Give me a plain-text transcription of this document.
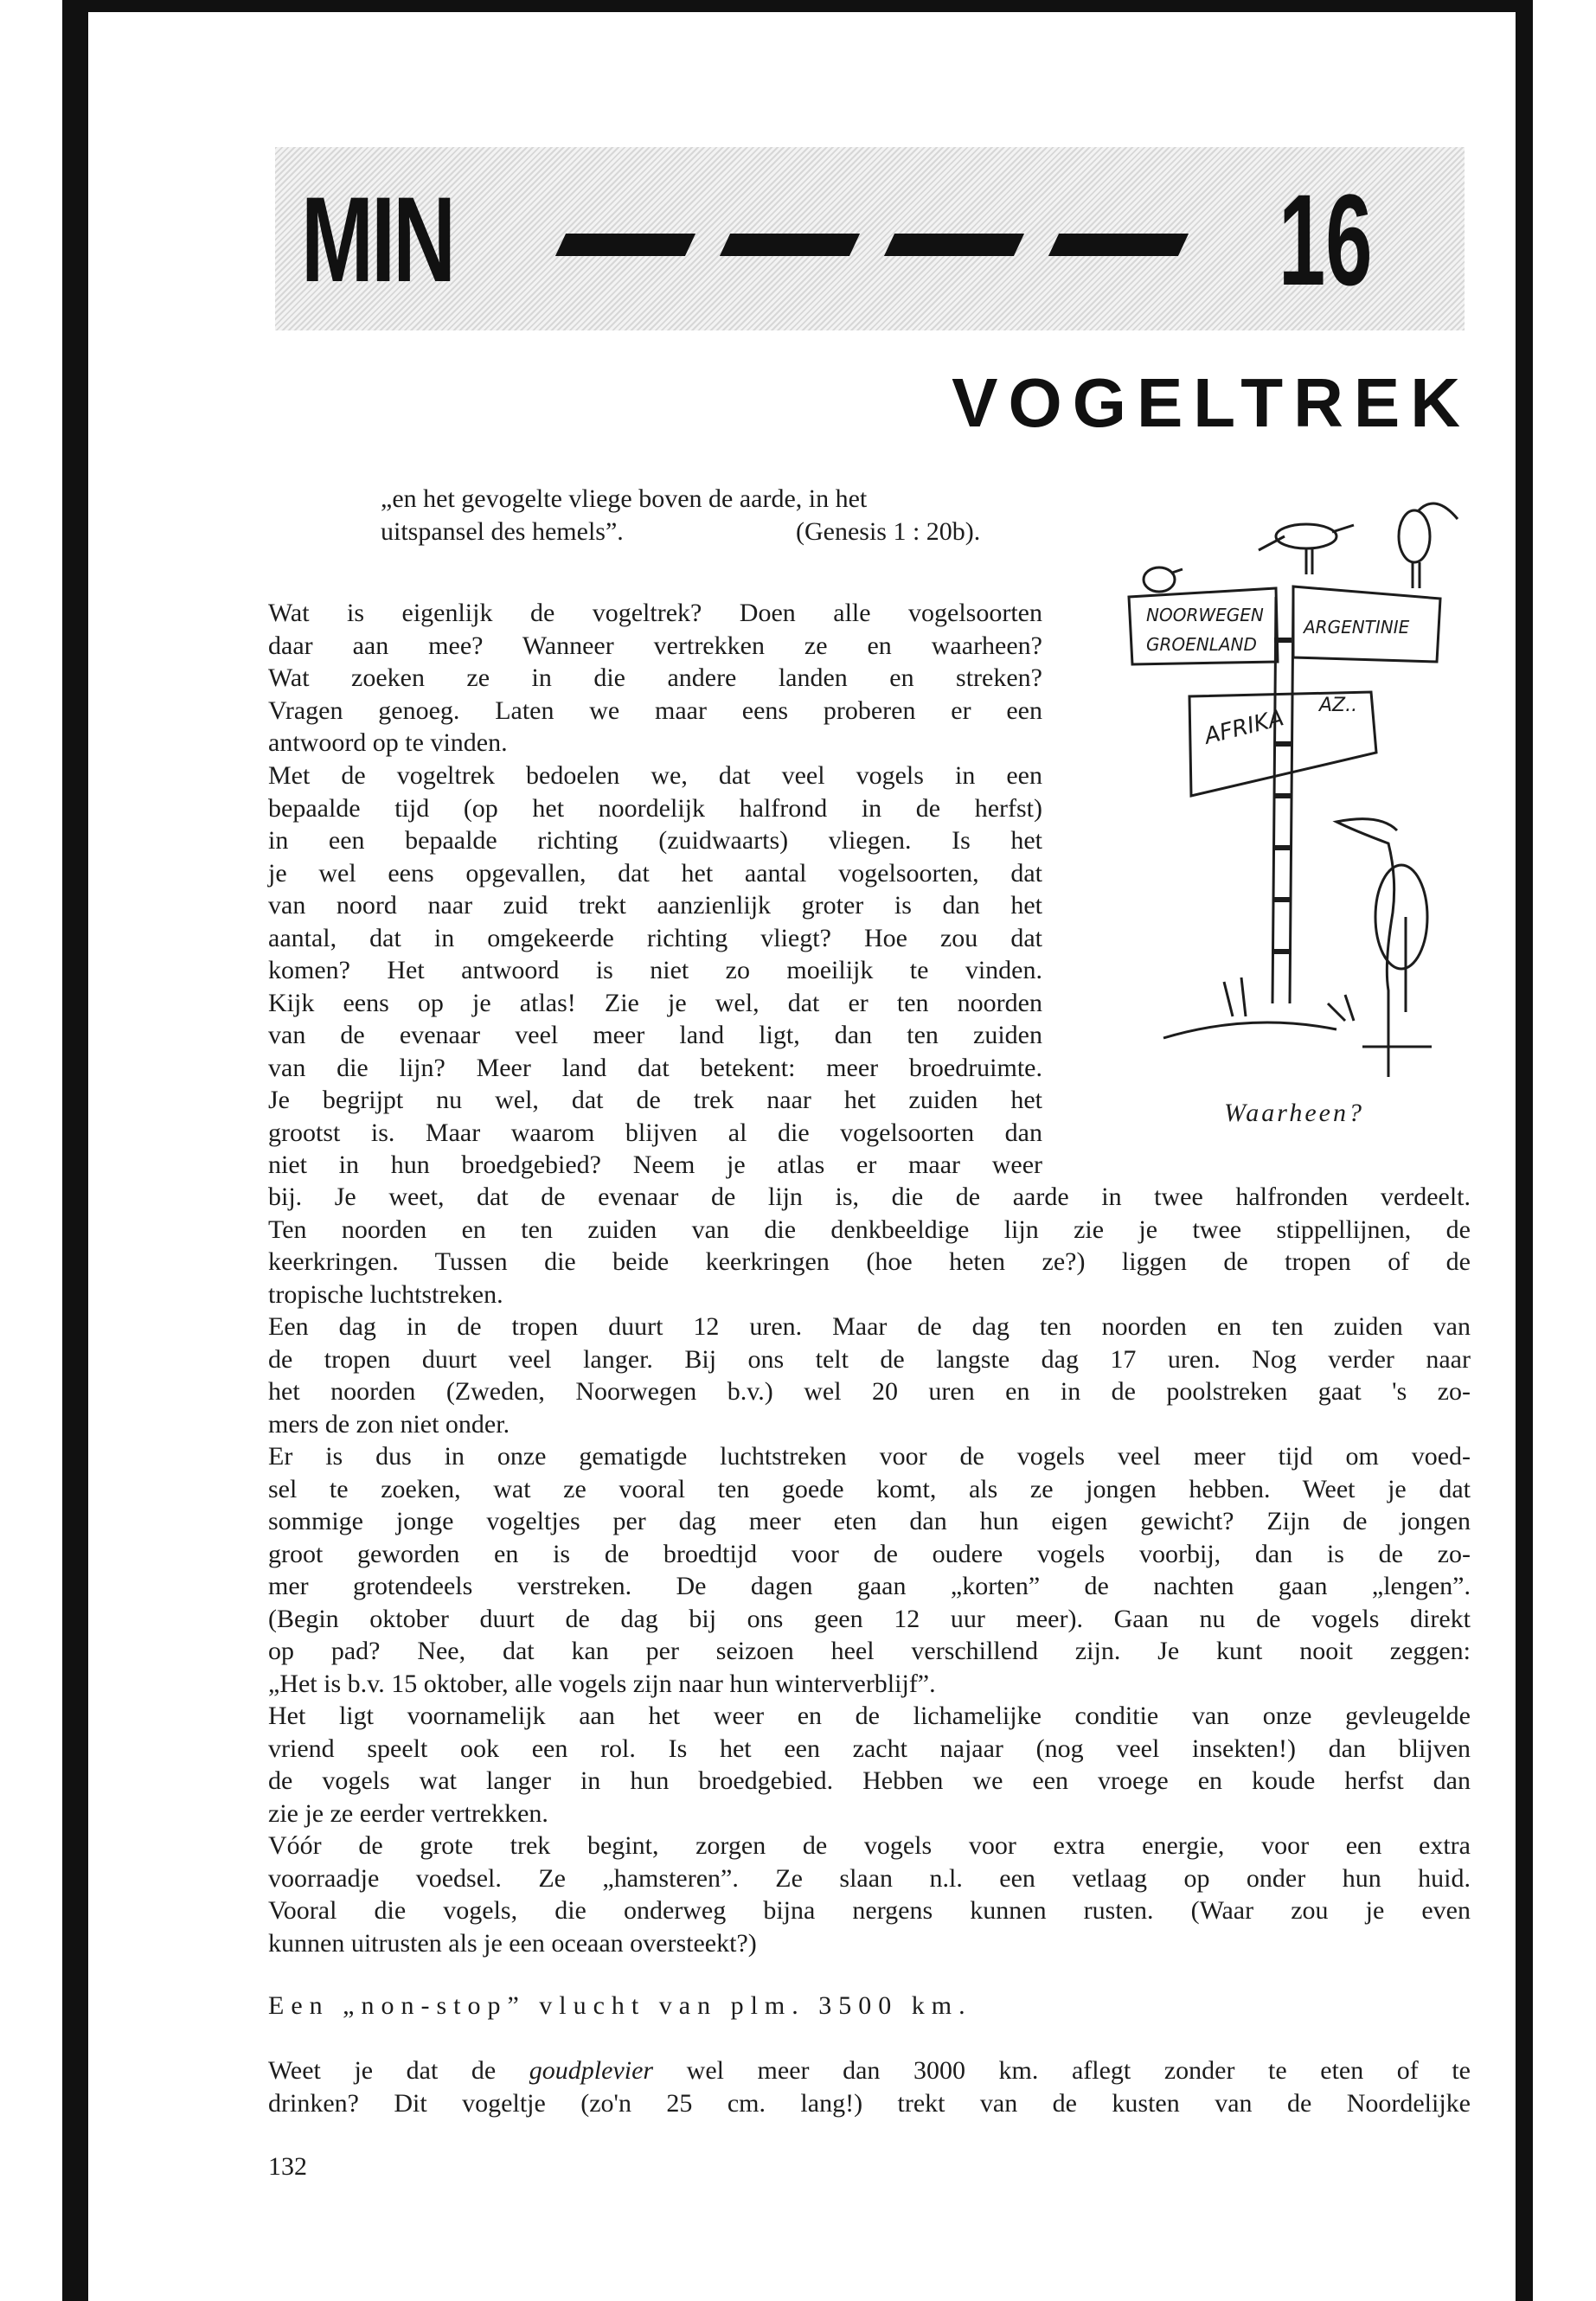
MIN	16
VOGELTREK
„en het gevogelte vliege boven de aarde, in het
uitspansel des hemels”.	(Genesis 1 : 20b).
NOORWEGEN
GROENLAND
ARGENTINIE
AFRIKA AZ..
Waarheen?
Wat is eigenlijk de vogeltrek? Doen alle vogelsoorten
daar aan mee? Wanneer vertrekken ze en waarheen?
Wat zoeken ze in die andere landen en streken?
Vragen genoeg. Laten we maar eens proberen er een
antwoord op te vinden.
Met de vogeltrek bedoelen we, dat veel vogels in een
bepaalde tijd (op het noordelijk halfrond in de herfst)
in een bepaalde richting (zuidwaarts) vliegen. Is het
je wel eens opgevallen, dat het aantal vogelsoorten, dat
van noord naar zuid trekt aanzienlijk groter is dan het
aantal, dat in omgekeerde richting vliegt? Hoe zou dat
komen? Het antwoord is niet zo moeilijk te vinden.
Kijk eens op je atlas! Zie je wel, dat er ten noorden
van de evenaar veel meer land ligt, dan ten zuiden
van die lijn? Meer land dat betekent: meer broedruimte.
Je begrijpt nu wel, dat de trek naar het zuiden het
grootst is. Maar waarom blijven al die vogelsoorten dan
niet in hun broedgebied? Neem je atlas er maar weer
bij. Je weet, dat de evenaar de lijn is, die de aarde in twee halfronden verdeelt.
Ten noorden en ten zuiden van die denkbeeldige lijn zie je twee stippellijnen, de
keerkringen. Tussen die beide keerkringen (hoe heten ze?) liggen de tropen of de
tropische luchtstreken.
Een dag in de tropen duurt 12 uren. Maar de dag ten noorden en ten zuiden van
de tropen duurt veel langer. Bij ons telt de langste dag 17 uren. Nog verder naar
het noorden (Zweden, Noorwegen b.v.) wel 20 uren en in de poolstreken gaat 's zo-
mers de zon niet onder.
Er is dus in onze gematigde luchtstreken voor de vogels veel meer tijd om voed-
sel te zoeken, wat ze vooral ten goede komt, als ze jongen hebben. Weet je dat
sommige jonge vogeltjes per dag meer eten dan hun eigen gewicht? Zijn de jongen
groot geworden en is de broedtijd voor de oudere vogels voorbij, dan is de zo-
mer grotendeels verstreken. De dagen gaan „korten” de nachten gaan „lengen”.
(Begin oktober duurt de dag bij ons geen 12 uur meer). Gaan nu de vogels direkt
op pad? Nee, dat kan per seizoen heel verschillend zijn. Je kunt nooit zeggen:
„Het is b.v. 15 oktober, alle vogels zijn naar hun winterverblijf”.
Het ligt voornamelijk aan het weer en de lichamelijke conditie van onze gevleugelde
vriend speelt ook een rol. Is het een zacht najaar (nog veel insekten!) dan blijven
de vogels wat langer in hun broedgebied. Hebben we een vroege en koude herfst dan
zie je ze eerder vertrekken.
Vóór de grote trek begint, zorgen de vogels voor extra energie, voor een extra
voorraadje voedsel. Ze „hamsteren”. Ze slaan n.l. een vetlaag op onder hun huid.
Vooral die vogels, die onderweg bijna nergens kunnen rusten. (Waar zou je even
kunnen uitrusten als je een oceaan oversteekt?)
Een „non-stop” vlucht van plm. 3500 km.
Weet je dat de goudplevier wel meer dan 3000 km. aflegt zonder te eten of te
drinken? Dit vogeltje (zo'n 25 cm. lang!) trekt van de kusten van de Noordelijke
132
